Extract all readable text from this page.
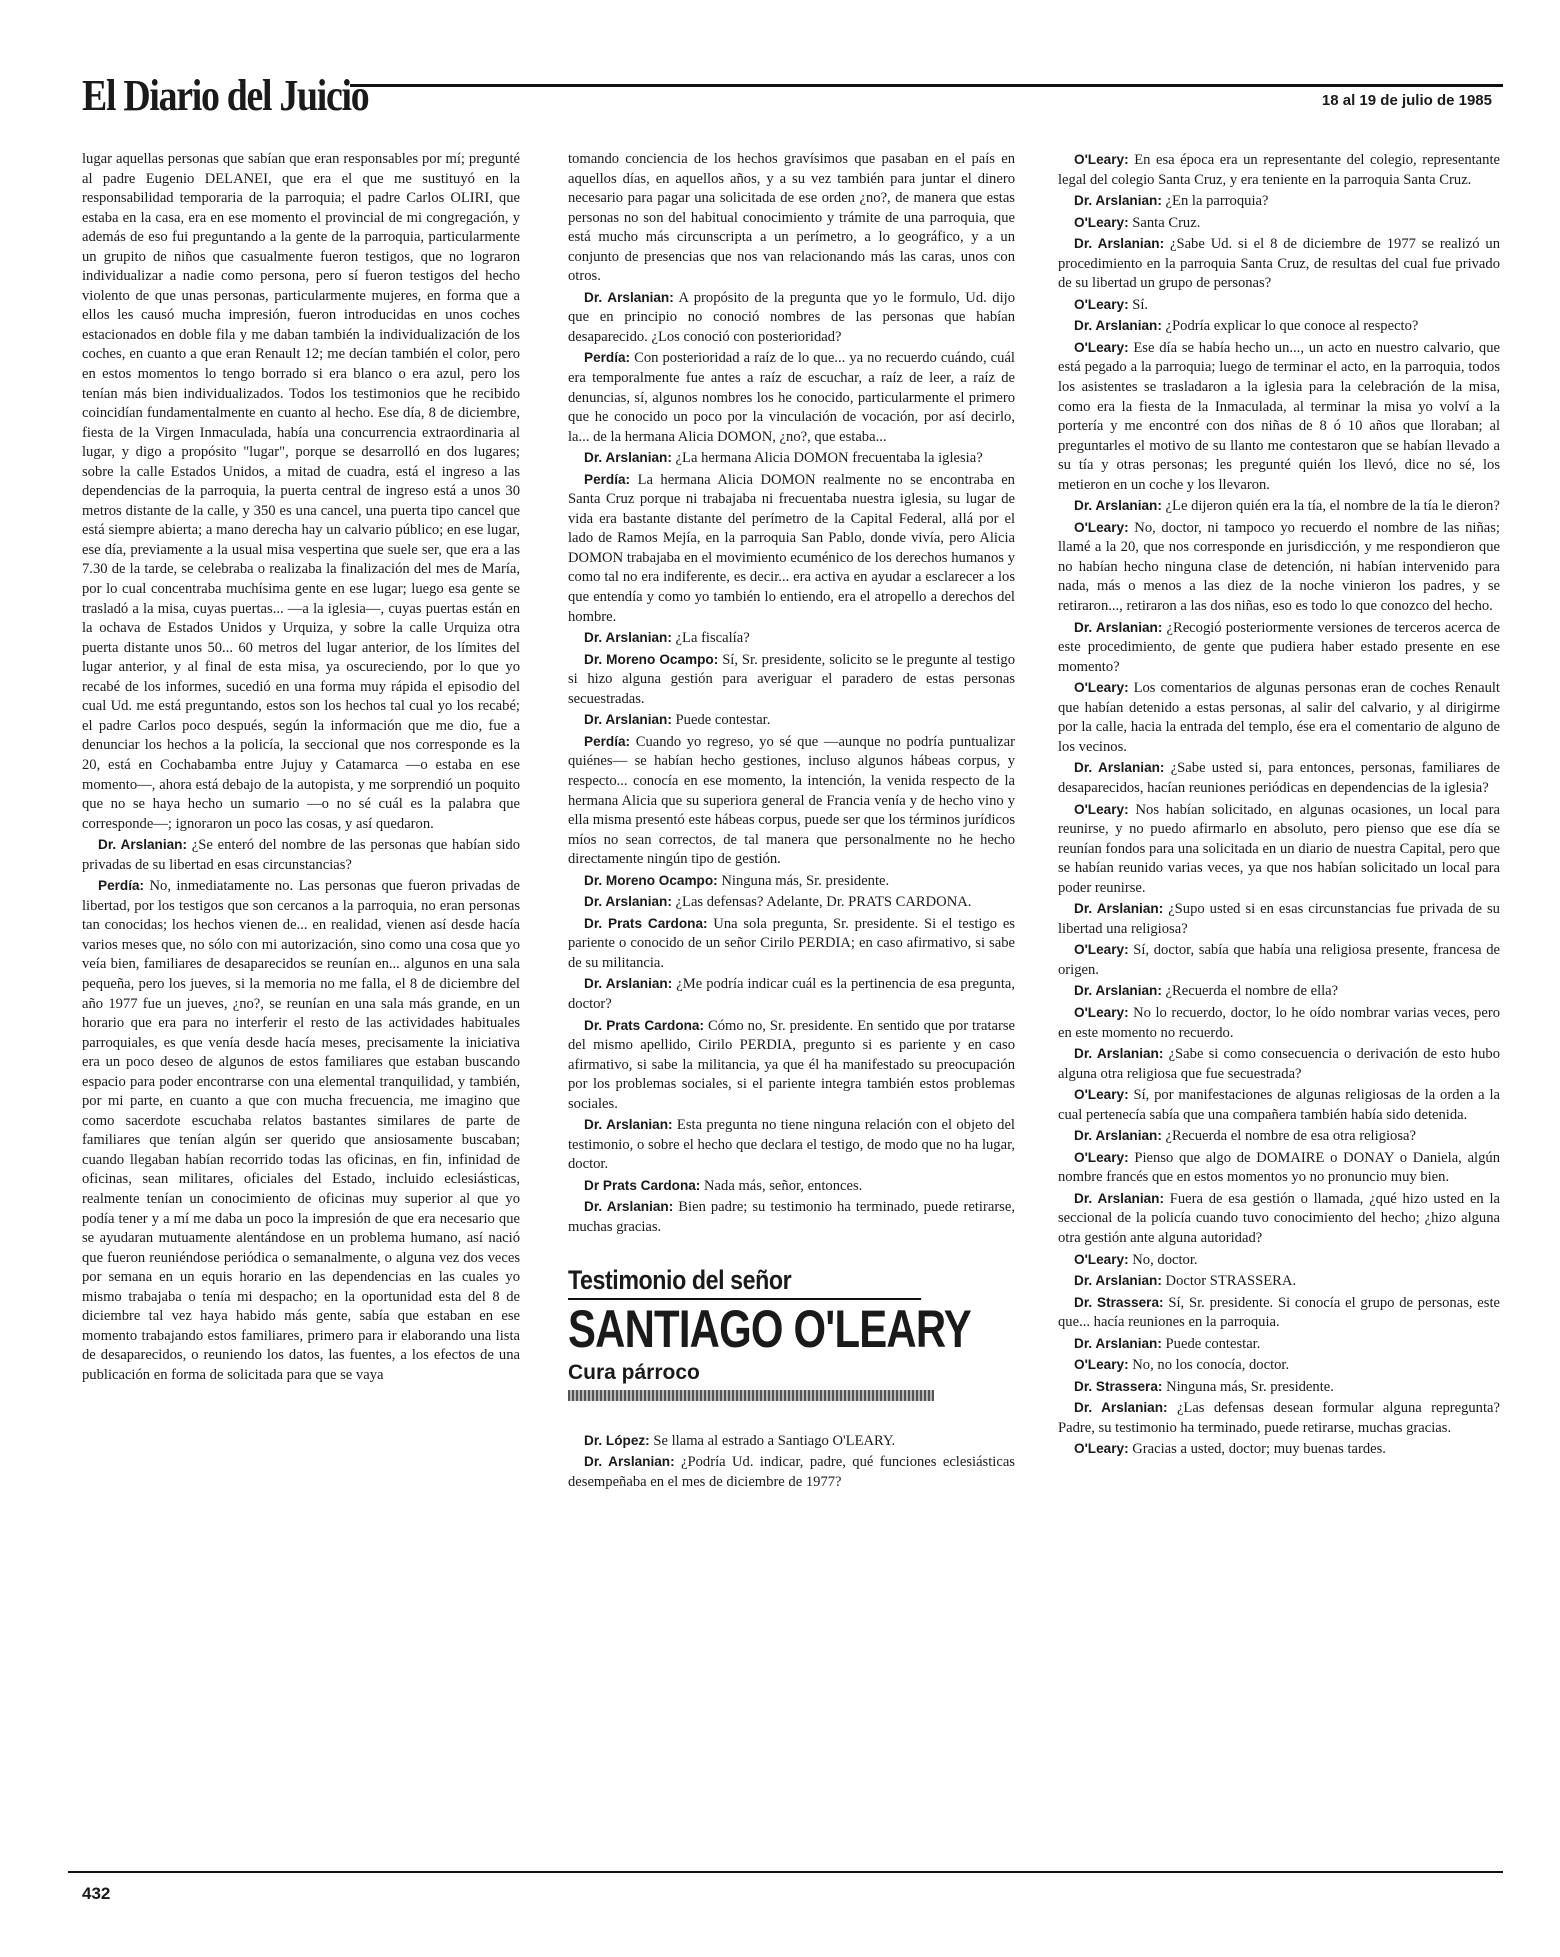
El Diario del Juicio	18 al 19 de julio de 1985

lugar aquellas personas que sabían que eran responsables por mí; pregunté al padre Eugenio DELANEI, que era el que me sustituyó en la responsabilidad temporaria de la parroquia; el padre Carlos OLIRI, que estaba en la casa, era en ese momento el provincial de mi congregación, y además de eso fui preguntando a la gente de la parroquia, particularmente un grupito de niños que casualmente fueron testigos, que no lograron individualizar a nadie como persona, pero sí fueron testigos del hecho violento de que unas personas, particularmente mujeres, en forma que a ellos les causó mucha impresión, fueron introducidas en unos coches estacionados en doble fila y me daban también la individualización de los coches, en cuanto a que eran Renault 12; me decían también el color, pero en estos momentos lo tengo borrado si era blanco o era azul, pero los tenían más bien individualizados. Todos los testimonios que he recibido coincidían fundamentalmente en cuanto al hecho. Ese día, 8 de diciembre, fiesta de la Virgen Inmaculada, había una concurrencia extraordinaria al lugar, y digo a propósito "lugar", porque se desarrolló en dos lugares; sobre la calle Estados Unidos, a mitad de cuadra, está el ingreso a las dependencias de la parroquia, la puerta central de ingreso está a unos 30 metros distante de la calle, y 350 es una cancel, una puerta tipo cancel que está siempre abierta; a mano derecha hay un calvario público; en ese lugar, ese día, previamente a la usual misa vespertina que suele ser, que era a las 7.30 de la tarde, se celebraba o realizaba la finalización del mes de María, por lo cual concentraba muchísima gente en ese lugar; luego esa gente se trasladó a la misa, cuyas puertas... —a la iglesia—, cuyas puertas están en la ochava de Estados Unidos y Urquiza, y sobre la calle Urquiza otra puerta distante unos 50... 60 metros del lugar anterior, de los límites del lugar anterior, y al final de esta misa, ya oscureciendo, por lo que yo recabé de los informes, sucedió en una forma muy rápida el episodio del cual Ud. me está preguntando, estos son los hechos tal cual yo los recabé; el padre Carlos poco después, según la información que me dio, fue a denunciar los hechos a la policía, la seccional que nos corresponde es la 20, está en Cochabamba entre Jujuy y Catamarca —o estaba en ese momento—, ahora está debajo de la autopista, y me sorprendió un poquito que no se haya hecho un sumario —o no sé cuál es la palabra que corresponde—; ignoraron un poco las cosas, y así quedaron.

Dr. Arslanian: ¿Se enteró del nombre de las personas que habían sido privadas de su libertad en esas circunstancias?

Perdía: No, inmediatamente no. Las personas que fueron privadas de libertad, por los testigos que son cercanos a la parroquia, no eran personas tan conocidas; los hechos vienen de... en realidad, vienen así desde hacía varios meses que, no sólo con mi autorización, sino como una cosa que yo veía bien, familiares de desaparecidos se reunían en... algunos en una sala pequeña, pero los jueves, si la memoria no me falla, el 8 de diciembre del año 1977 fue un jueves, ¿no?, se reunían en una sala más grande, en un horario que era para no interferir el resto de las actividades habituales parroquiales, es que venía desde hacía meses, precisamente la iniciativa era un poco deseo de algunos de estos familiares que estaban buscando espacio para poder encontrarse con una elemental tranquilidad, y también, por mi parte, en cuanto a que con mucha frecuencia, me imagino que como sacerdote escuchaba relatos bastantes similares de parte de familiares que tenían algún ser querido que ansiosamente buscaban; cuando llegaban habían recorrido todas las oficinas, en fin, infinidad de oficinas, sean militares, oficiales del Estado, incluido eclesiásticas, realmente tenían un conocimiento de oficinas muy superior al que yo podía tener y a mí me daba un poco la impresión de que era necesario que se ayudaran mutuamente alentándose en un problema humano, así nació que fueron reuniéndose periódica o semanalmente, o alguna vez dos veces por semana en un equis horario en las dependencias en las cuales yo mismo trabajaba o tenía mi despacho; en la oportunidad esta del 8 de diciembre tal vez haya habido más gente, sabía que estaban en ese momento trabajando estos familiares, primero para ir elaborando una lista de desaparecidos, o reuniendo los datos, las fuentes, a los efectos de una publicación en forma de solicitada para que se vaya

tomando conciencia de los hechos gravísimos que pasaban en el país en aquellos días, en aquellos años, y a su vez también para juntar el dinero necesario para pagar una solicitada de ese orden ¿no?, de manera que estas personas no son del habitual conocimiento y trámite de una parroquia, que está mucho más circunscripta a un perímetro, a lo geográfico, y a un conjunto de presencias que nos van relacionando más las caras, unos con otros.

Dr. Arslanian: A propósito de la pregunta que yo le formulo, Ud. dijo que en principio no conoció nombres de las personas que habían desaparecido. ¿Los conoció con posterioridad?

Perdía: Con posterioridad a raíz de lo que... ya no recuerdo cuándo, cuál era temporalmente fue antes a raíz de escuchar, a raíz de leer, a raíz de denuncias, sí, algunos nombres los he conocido, particularmente el primero que he conocido un poco por la vinculación de vocación, por así decirlo, la... de la hermana Alicia DOMON, ¿no?, que estaba...

Dr. Arslanian: ¿La hermana Alicia DOMON frecuentaba la iglesia?

Perdía: La hermana Alicia DOMON realmente no se encontraba en Santa Cruz porque ni trabajaba ni frecuentaba nuestra iglesia, su lugar de vida era bastante distante del perímetro de la Capital Federal, allá por el lado de Ramos Mejía, en la parroquia San Pablo, donde vivía, pero Alicia DOMON trabajaba en el movimiento ecuménico de los derechos humanos y como tal no era indiferente, es decir... era activa en ayudar a esclarecer a los que entendía y como yo también lo entiendo, era el atropello a derechos del hombre.

Dr. Arslanian: ¿La fiscalía?

Dr. Moreno Ocampo: Sí, Sr. presidente, solicito se le pregunte al testigo si hizo alguna gestión para averiguar el paradero de estas personas secuestradas.

Dr. Arslanian: Puede contestar.

Perdía: Cuando yo regreso, yo sé que —aunque no podría puntualizar quiénes— se habían hecho gestiones, incluso algunos hábeas corpus, y respecto... conocía en ese momento, la intención, la venida respecto de la hermana Alicia que su superiora general de Francia venía y de hecho vino y ella misma presentó este hábeas corpus, puede ser que los términos jurídicos míos no sean correctos, de tal manera que personalmente no he hecho directamente ningún tipo de gestión.

Dr. Moreno Ocampo: Ninguna más, Sr. presidente.

Dr. Arslanian: ¿Las defensas? Adelante, Dr. PRATS CARDONA.

Dr. Prats Cardona: Una sola pregunta, Sr. presidente. Si el testigo es pariente o conocido de un señor Cirilo PERDIA; en caso afirmativo, si sabe de su militancia.

Dr. Arslanian: ¿Me podría indicar cuál es la pertinencia de esa pregunta, doctor?

Dr. Prats Cardona: Cómo no, Sr. presidente. En sentido que por tratarse del mismo apellido, Cirilo PERDIA, pregunto si es pariente y en caso afirmativo, si sabe la militancia, ya que él ha manifestado su preocupación por los problemas sociales, si el pariente integra también estos problemas sociales.

Dr. Arslanian: Esta pregunta no tiene ninguna relación con el objeto del testimonio, o sobre el hecho que declara el testigo, de modo que no ha lugar, doctor.

Dr Prats Cardona: Nada más, señor, entonces.

Dr. Arslanian: Bien padre; su testimonio ha terminado, puede retirarse, muchas gracias.

Testimonio del señor
SANTIAGO O'LEARY
Cura párroco

Dr. López: Se llama al estrado a Santiago O'LEARY.

Dr. Arslanian: ¿Podría Ud. indicar, padre, qué funciones eclesiásticas desempeñaba en el mes de diciembre de 1977?

O'Leary: En esa época era un representante del colegio, representante legal del colegio Santa Cruz, y era teniente en la parroquia Santa Cruz.

Dr. Arslanian: ¿En la parroquia?

O'Leary: Santa Cruz.

Dr. Arslanian: ¿Sabe Ud. si el 8 de diciembre de 1977 se realizó un procedimiento en la parroquia Santa Cruz, de resultas del cual fue privado de su libertad un grupo de personas?

O'Leary: Sí.

Dr. Arslanian: ¿Podría explicar lo que conoce al respecto?

O'Leary: Ese día se había hecho un..., un acto en nuestro calvario, que está pegado a la parroquia; luego de terminar el acto, en la parroquia, todos los asistentes se trasladaron a la iglesia para la celebración de la misa, como era la fiesta de la Inmaculada, al terminar la misa yo volví a la portería y me encontré con dos niñas de 8 ó 10 años que lloraban; al preguntarles el motivo de su llanto me contestaron que se habían llevado a su tía y otras personas; les pregunté quién los llevó, dice no sé, los metieron en un coche y los llevaron.

Dr. Arslanian: ¿Le dijeron quién era la tía, el nombre de la tía le dieron?

O'Leary: No, doctor, ni tampoco yo recuerdo el nombre de las niñas; llamé a la 20, que nos corresponde en jurisdicción, y me respondieron que no habían hecho ninguna clase de detención, ni habían intervenido para nada, más o menos a las diez de la noche vinieron los padres, y se retiraron..., retiraron a las dos niñas, eso es todo lo que conozco del hecho.

Dr. Arslanian: ¿Recogió posteriormente versiones de terceros acerca de este procedimiento, de gente que pudiera haber estado presente en ese momento?

O'Leary: Los comentarios de algunas personas eran de coches Renault que habían detenido a estas personas, al salir del calvario, y al dirigirme por la calle, hacia la entrada del templo, ése era el comentario de alguno de los vecinos.

Dr. Arslanian: ¿Sabe usted si, para entonces, personas, familiares de desaparecidos, hacían reuniones periódicas en dependencias de la iglesia?

O'Leary: Nos habían solicitado, en algunas ocasiones, un local para reunirse, y no puedo afirmarlo en absoluto, pero pienso que ese día se reunían fondos para una solicitada en un diario de nuestra Capital, pero que se habían reunido varias veces, ya que nos habían solicitado un local para poder reunirse.

Dr. Arslanian: ¿Supo usted si en esas circunstancias fue privada de su libertad una religiosa?

O'Leary: Sí, doctor, sabía que había una religiosa presente, francesa de origen.

Dr. Arslanian: ¿Recuerda el nombre de ella?

O'Leary: No lo recuerdo, doctor, lo he oído nombrar varias veces, pero en este momento no recuerdo.

Dr. Arslanian: ¿Sabe si como consecuencia o derivación de esto hubo alguna otra religiosa que fue secuestrada?

O'Leary: Sí, por manifestaciones de algunas religiosas de la orden a la cual pertenecía sabía que una compañera también había sido detenida.

Dr. Arslanian: ¿Recuerda el nombre de esa otra religiosa?

O'Leary: Pienso que algo de DOMAIRE o DONAY o Daniela, algún nombre francés que en estos momentos yo no pronuncio muy bien.

Dr. Arslanian: Fuera de esa gestión o llamada, ¿qué hizo usted en la seccional de la policía cuando tuvo conocimiento del hecho; ¿hizo alguna otra gestión ante alguna autoridad?

O'Leary: No, doctor.

Dr. Arslanian: Doctor STRASSERA.

Dr. Strassera: Sí, Sr. presidente. Si conocía el grupo de personas, este que... hacía reuniones en la parroquia.

Dr. Arslanian: Puede contestar.

O'Leary: No, no los conocía, doctor.

Dr. Strassera: Ninguna más, Sr. presidente.

Dr. Arslanian: ¿Las defensas desean formular alguna repregunta? Padre, su testimonio ha terminado, puede retirarse, muchas gracias.

O'Leary: Gracias a usted, doctor; muy buenas tardes.

432
